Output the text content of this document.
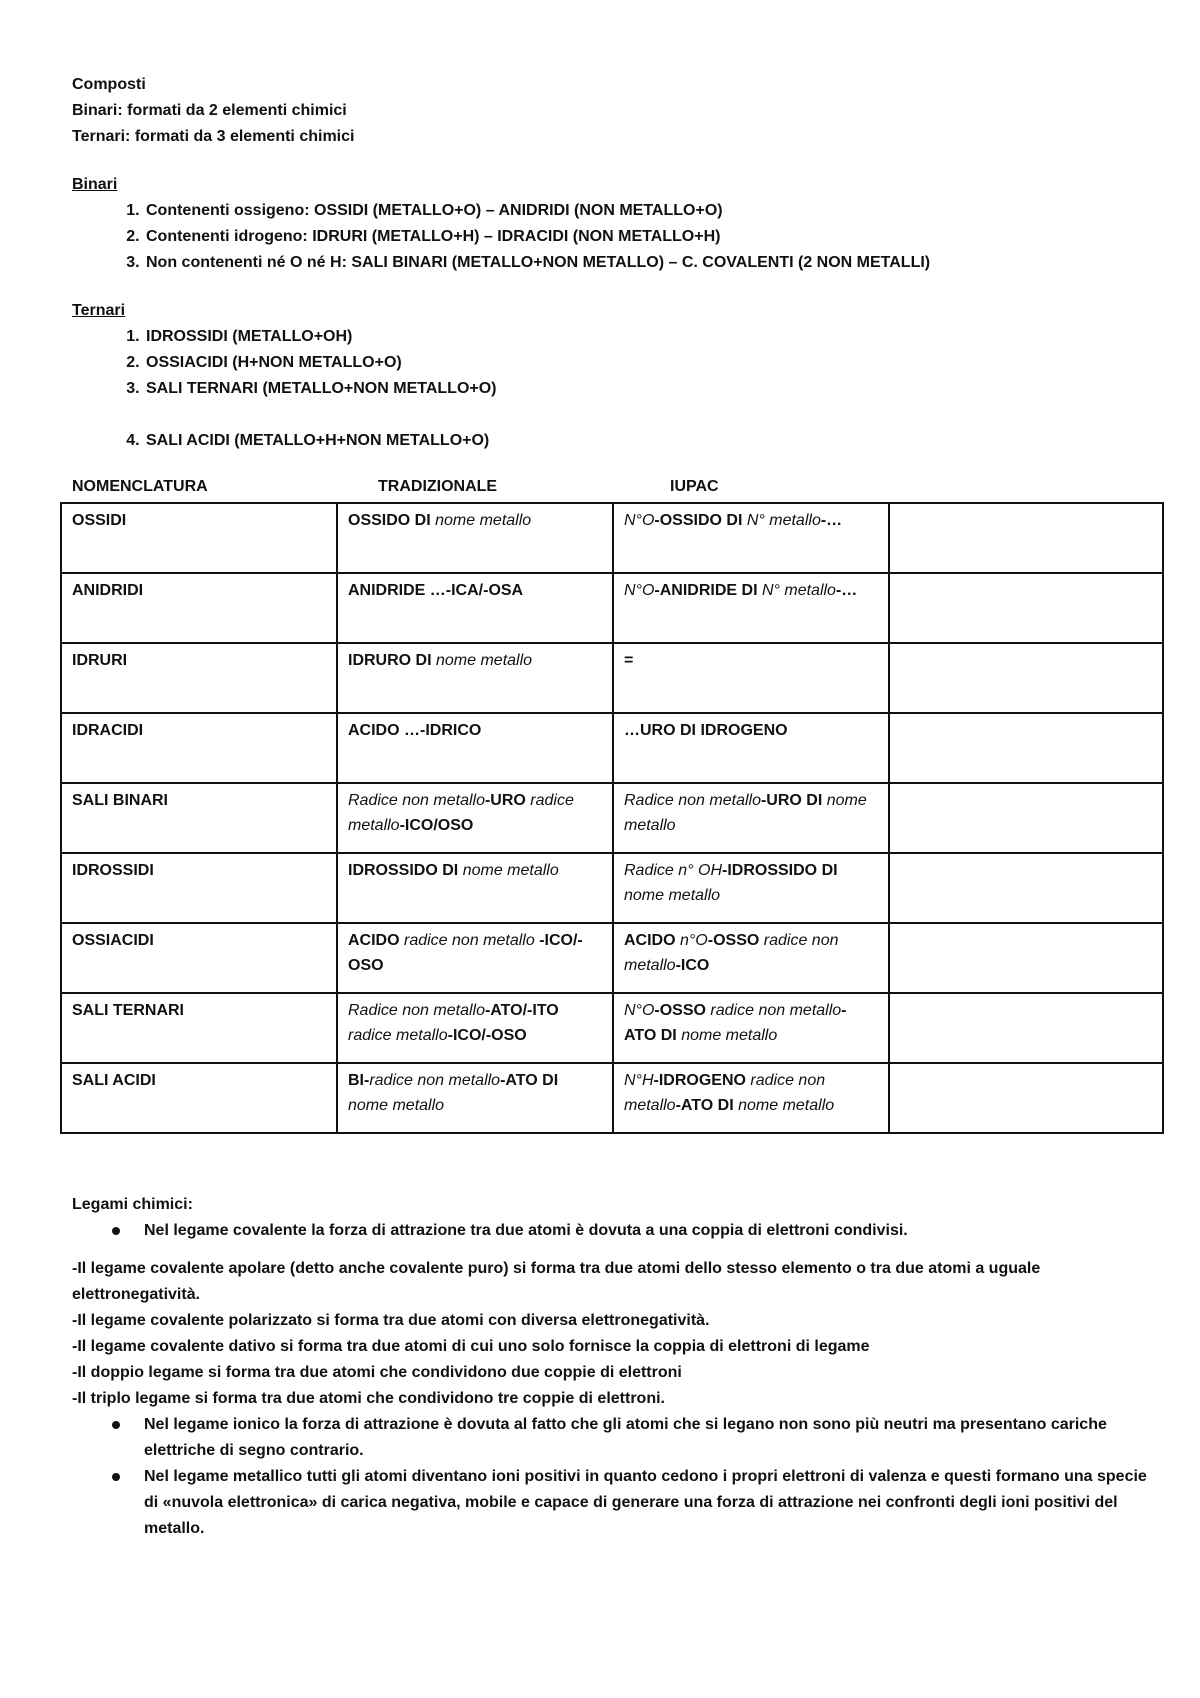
Composti

Binari: formati da 2 elementi chimici

Ternari: formati da 3 elementi chimici

Binari

1. Contenenti ossigeno: OSSIDI (METALLO+O) – ANIDRIDI (NON METALLO+O)
2. Contenenti idrogeno: IDRURI (METALLO+H) – IDRACIDI (NON METALLO+H)
3. Non contenenti né O né H: SALI BINARI (METALLO+NON METALLO) – C. COVALENTI (2 NON METALLI)

Ternari

1. IDROSSIDI (METALLO+OH)
2. OSSIACIDI (H+NON METALLO+O)
3. SALI TERNARI (METALLO+NON METALLO+O)
4. SALI ACIDI (METALLO+H+NON METALLO+O)
NOMENCLATURA	TRADIZIONALE	IUPAC
OSSIDI	OSSIDO DI nome metallo	N°O-OSSIDO DI N° metallo-…	
ANIDRIDI	ANIDRIDE …-ICA/-OSA	N°O-ANIDRIDE DI N° metallo-…	
IDRURI	IDRURO DI nome metallo	=	
IDRACIDI	ACIDO …-IDRICO	…URO DI IDROGENO	
SALI BINARI	Radice non metallo-URO radice metallo-ICO/OSO	Radice non metallo-URO DI nome metallo	
IDROSSIDI	IDROSSIDO DI nome metallo	Radice n° OH-IDROSSIDO DI nome metallo	
OSSIACIDI	ACIDO radice non metallo -ICO/-OSO	ACIDO n°O-OSSO radice non metallo-ICO	
SALI TERNARI	Radice non metallo-ATO/-ITO radice metallo-ICO/-OSO	N°O-OSSO radice non metallo-ATO DI nome metallo	
SALI ACIDI	BI-radice non metallo-ATO DI nome metallo	N°H-IDROGENO radice non metallo-ATO DI nome metallo	

Legami chimici:

Nel legame covalente la forza di attrazione tra due atomi è dovuta a una coppia di elettroni condivisi.

-Il legame covalente apolare (detto anche covalente puro) si forma tra due atomi dello stesso elemento o tra due atomi a uguale elettronegatività.

-Il legame covalente polarizzato si forma tra due atomi con diversa elettronegatività.

-Il legame covalente dativo si forma tra due atomi di cui uno solo fornisce la coppia di elettroni di legame

-Il doppio legame si forma tra due atomi che condividono due coppie di elettroni

-Il triplo legame si forma tra due atomi che condividono tre coppie di elettroni.

Nel legame ionico la forza di attrazione è dovuta al fatto che gli atomi che si legano non sono più neutri ma presentano cariche elettriche di segno contrario.
Nel legame metallico tutti gli atomi diventano ioni positivi in quanto cedono i propri elettroni di valenza e questi formano una specie di «nuvola elettronica» di carica negativa, mobile e capace di generare una forza di attrazione nei confronti degli ioni positivi del metallo.
